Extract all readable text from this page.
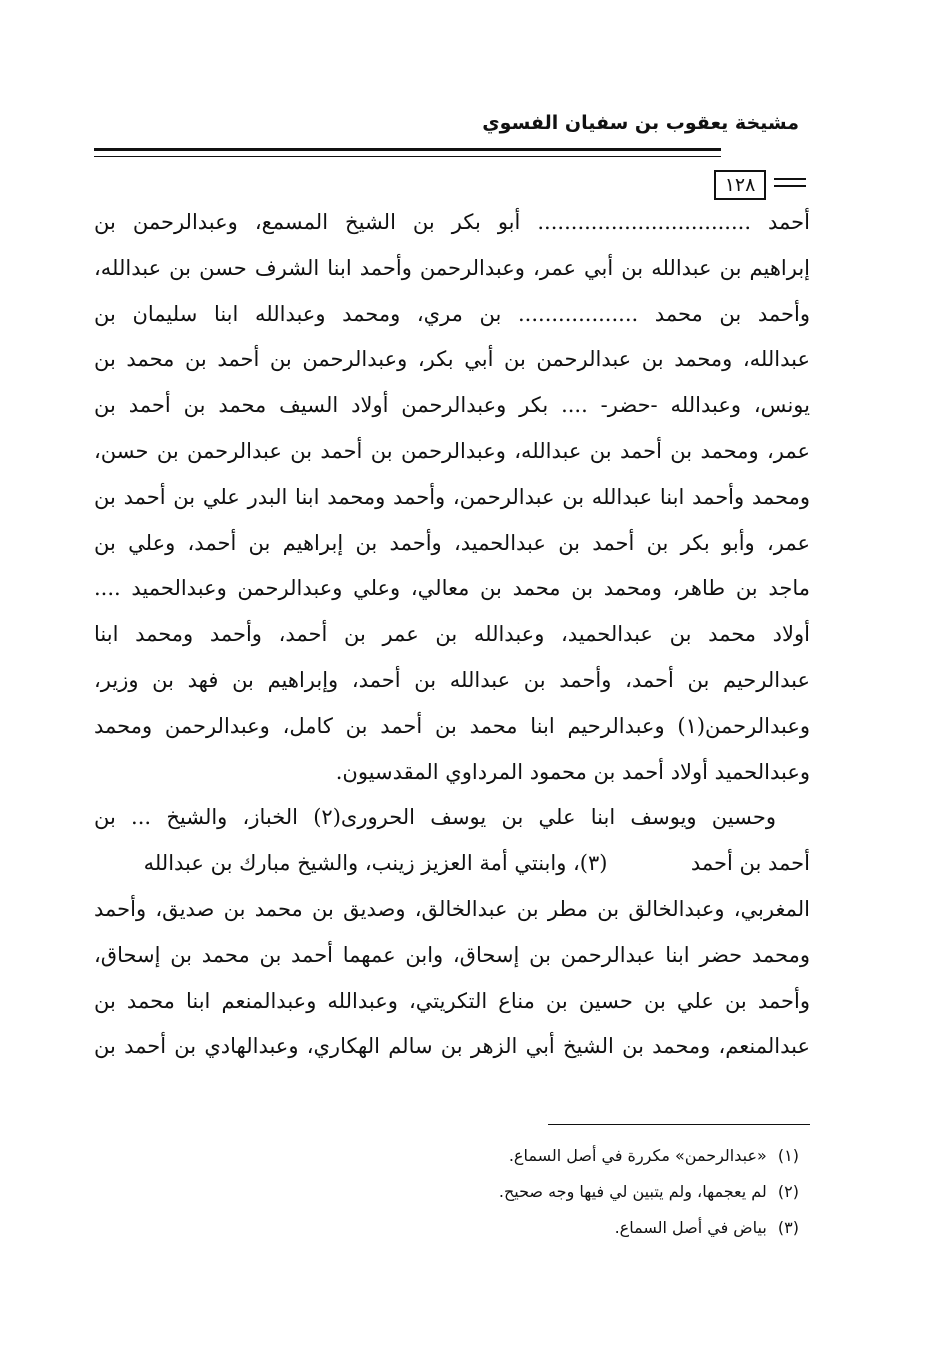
مشيخة يعقوب بن سفيان الفسوي
١٢٨
أحمد ................................ أبو بكر بن الشيخ المسمع، وعبدالرحمن بن
إبراهيم بن عبدالله بن أبي عمر، وعبدالرحمن وأحمد ابنا الشرف حسن بن عبدالله،
وأحمد بن محمد .................. بن مري، ومحمد وعبدالله ابنا سليمان بن
عبدالله، ومحمد بن عبدالرحمن بن أبي بكر، وعبدالرحمن بن أحمد بن محمد بن
يونس، وعبدالله -حضر- .... بكر وعبدالرحمن أولاد السيف محمد بن أحمد بن
عمر، ومحمد بن أحمد بن عبدالله، وعبدالرحمن بن أحمد بن عبدالرحمن بن حسن،
ومحمد وأحمد ابنا عبدالله بن عبدالرحمن، وأحمد ومحمد ابنا البدر علي بن أحمد بن
عمر، وأبو بكر بن أحمد بن عبدالحميد، وأحمد بن إبراهيم بن أحمد، وعلي بن
ماجد بن طاهر، ومحمد بن محمد بن معالي، وعلي وعبدالرحمن وعبدالحميد ....
أولاد محمد بن عبدالحميد، وعبدالله بن عمر بن أحمد، وأحمد ومحمد ابنا
عبدالرحيم بن أحمد، وأحمد بن عبدالله بن أحمد، وإبراهيم بن فهد بن وزير،
وعبدالرحمن(١) وعبدالرحيم ابنا محمد بن أحمد بن كامل، وعبدالرحمن ومحمد
وعبدالحميد أولاد أحمد بن محمود المرداوي المقدسيون.
وحسين ويوسف ابنا علي بن يوسف الحرورى(٢) الخباز، والشيخ ... بن
أحمد بن أحمد  (٣)، وابنتي أمة العزيز زينب، والشيخ مبارك بن عبدالله
المغربي، وعبدالخالق بن مطر بن عبدالخالق، وصديق بن محمد بن صديق، وأحمد
ومحمد حضر ابنا عبدالرحمن بن إسحاق، وابن عمهما أحمد بن محمد بن إسحاق،
وأحمد بن علي بن حسين بن مناع التكريتي، وعبدالله وعبدالمنعم ابنا محمد بن
عبدالمنعم، ومحمد بن الشيخ أبي الزهر بن سالم الهكاري، وعبدالهادي بن أحمد بن
(١) «عبدالرحمن» مكررة في أصل السماع.
(٢) لم يعجمها، ولم يتبين لي فيها وجه صحيح.
(٣) بياض في أصل السماع.
